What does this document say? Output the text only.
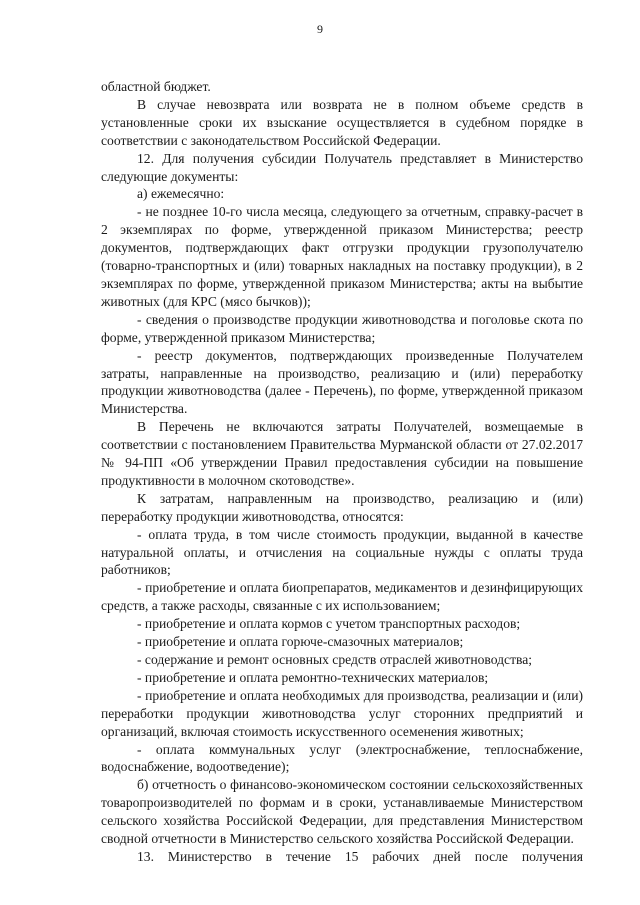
9

областной бюджет.

В случае невозврата или возврата не в полном объеме средств в установленные сроки их взыскание осуществляется в судебном порядке в соответствии с законодательством Российской Федерации.

12. Для получения субсидии Получатель представляет в Министерство следующие документы:

а) ежемесячно:

- не позднее 10-го числа месяца, следующего за отчетным, справку-расчет в 2 экземплярах по форме, утвержденной приказом Министерства; реестр документов, подтверждающих факт отгрузки продукции грузополучателю (товарно-транспортных и (или) товарных накладных на поставку продукции), в 2 экземплярах по форме, утвержденной приказом Министерства; акты на выбытие животных (для КРС (мясо бычков));

- сведения о производстве продукции животноводства и поголовье скота по форме, утвержденной приказом Министерства;

- реестр документов, подтверждающих произведенные Получателем затраты, направленные на производство, реализацию и (или) переработку продукции животноводства (далее - Перечень), по форме, утвержденной приказом Министерства.

В Перечень не включаются затраты Получателей, возмещаемые в соответствии с постановлением Правительства Мурманской области от 27.02.2017 № 94-ПП «Об утверждении Правил предоставления субсидии на повышение продуктивности в молочном скотоводстве».

К затратам, направленным на производство, реализацию и (или) переработку продукции животноводства, относятся:

- оплата труда, в том числе стоимость продукции, выданной в качестве натуральной оплаты, и отчисления на социальные нужды с оплаты труда работников;

- приобретение и оплата биопрепаратов, медикаментов и дезинфицирующих средств, а также расходы, связанные с их использованием;

- приобретение и оплата кормов с учетом транспортных расходов;

- приобретение и оплата горюче-смазочных материалов;

- содержание и ремонт основных средств отраслей животноводства;

- приобретение и оплата ремонтно-технических материалов;

- приобретение и оплата необходимых для производства, реализации и (или) переработки продукции животноводства услуг сторонних предприятий и организаций, включая стоимость искусственного осеменения животных;

- оплата коммунальных услуг (электроснабжение, теплоснабжение, водоснабжение, водоотведение);

б) отчетность о финансово-экономическом состоянии сельскохозяйственных товаропроизводителей по формам и в сроки, устанавливаемые Министерством сельского хозяйства Российской Федерации, для представления Министерством сводной отчетности в Министерство сельского хозяйства Российской Федерации.

13. Министерство в течение 15 рабочих дней после получения
